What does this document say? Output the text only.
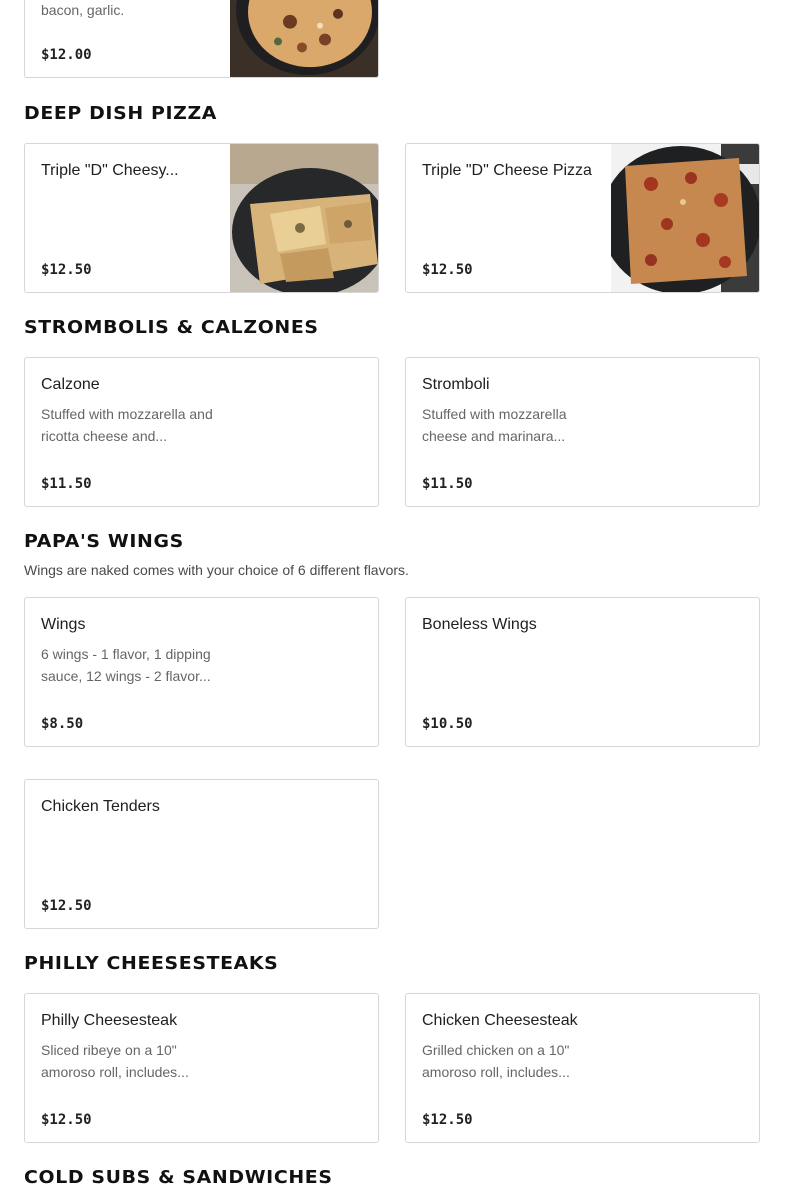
bacon, garlic.
$12.00
DEEP DISH PIZZA
Triple "D" Cheesy...
$12.50
Triple "D" Cheese Pizza
$12.50
STROMBOLIS & CALZONES
Calzone
Stuffed with mozzarella and ricotta cheese and...
$11.50
Stromboli
Stuffed with mozzarella cheese and marinara...
$11.50
PAPA'S WINGS
Wings are naked comes with your choice of 6 different flavors.
Wings
6 wings - 1 flavor, 1 dipping sauce, 12 wings - 2 flavor...
$8.50
Boneless Wings
$10.50
Chicken Tenders
$12.50
PHILLY CHEESESTEAKS
Philly Cheesesteak
Sliced ribeye on a 10" amoroso roll, includes...
$12.50
Chicken Cheesesteak
Grilled chicken on a 10" amoroso roll, includes...
$12.50
COLD SUBS & SANDWICHES
